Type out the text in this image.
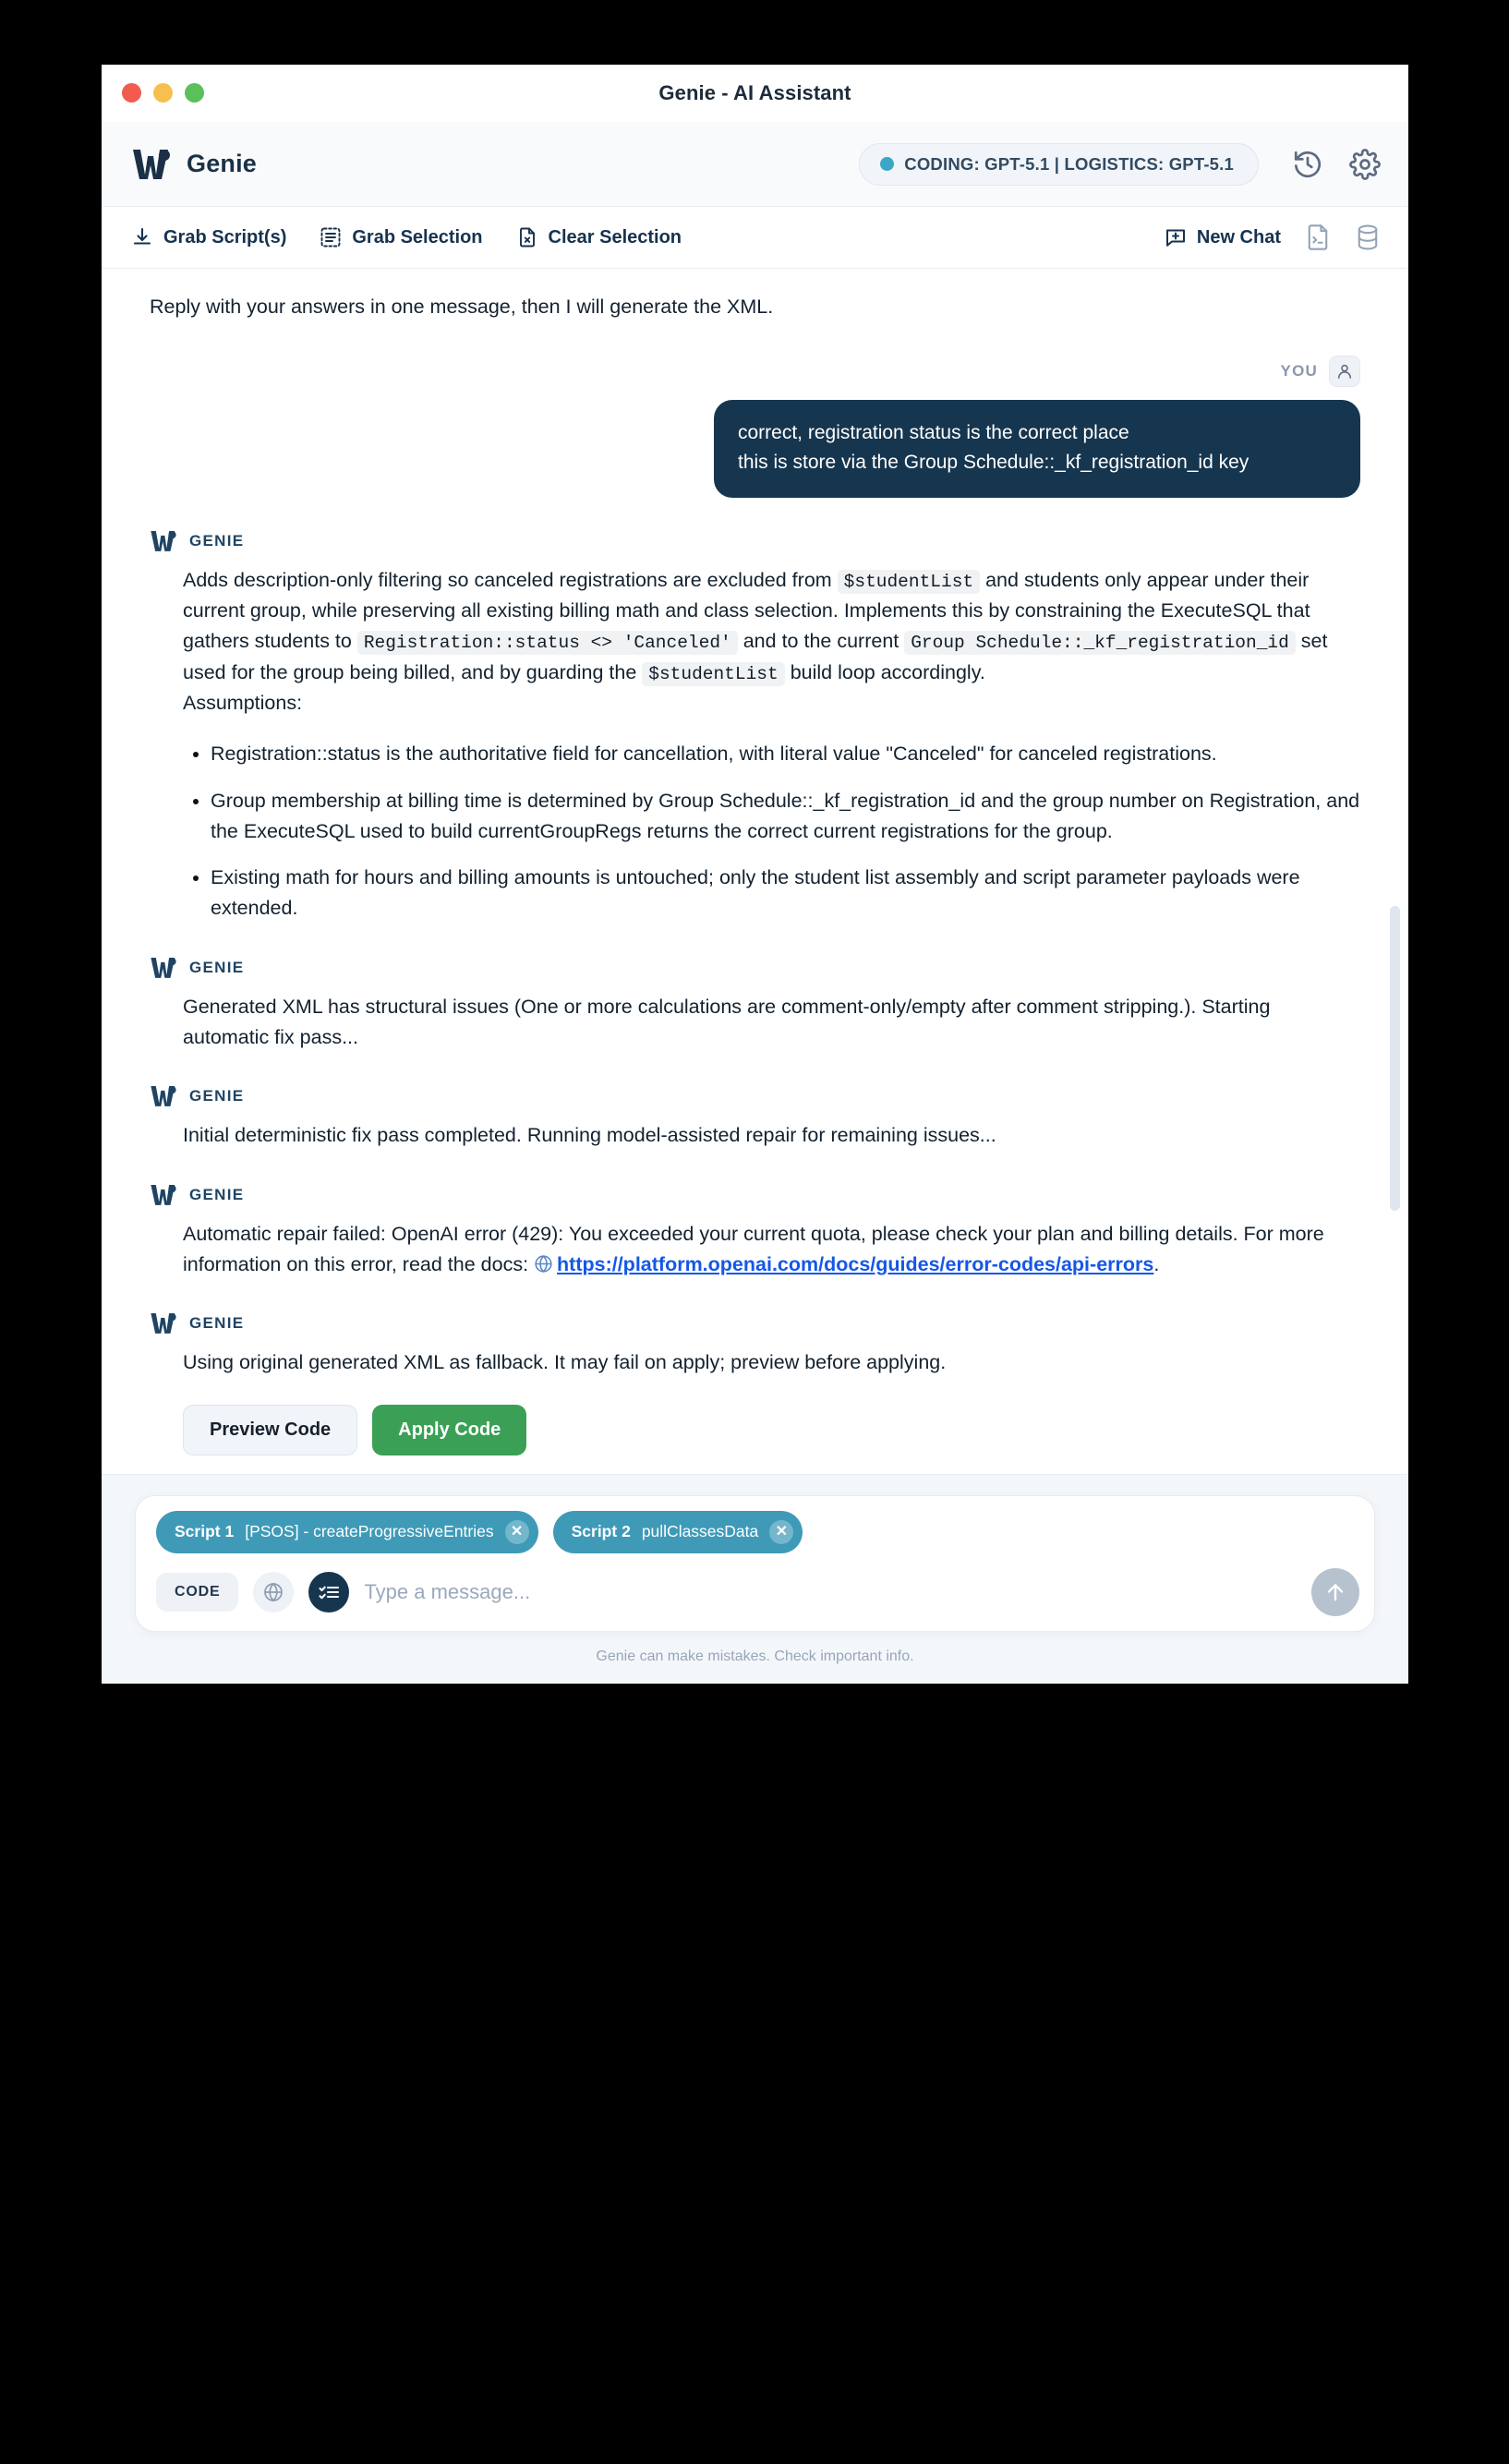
Genie - AI Assistant
Genie	CODING: GPT-5.1 | LOGISTICS: GPT-5.1
Grab Script(s)	Grab Selection	Clear Selection	New Chat
Reply with your answers in one message, then I will generate the XML.
YOU
correct, registration status is the correct place
this is store via the Group Schedule::_kf_registration_id key
GENIE

Adds description-only filtering so canceled registrations are excluded from $studentList and students only appear under their current group, while preserving all existing billing math and class selection. Implements this by constraining the ExecuteSQL that gathers students to Registration::status <> 'Canceled' and to the current Group Schedule::_kf_registration_id set used for the group being billed, and by guarding the $studentList build loop accordingly.

Assumptions:
• Registration::status is the authoritative field for cancellation, with literal value "Canceled" for canceled registrations.
• Group membership at billing time is determined by Group Schedule::_kf_registration_id and the group number on Registration, and the ExecuteSQL used to build currentGroupRegs returns the correct current registrations for the group.
• Existing math for hours and billing amounts is untouched; only the student list assembly and script parameter payloads were extended.
GENIE
Generated XML has structural issues (One or more calculations are comment-only/empty after comment stripping.). Starting automatic fix pass...
GENIE
Initial deterministic fix pass completed. Running model-assisted repair for remaining issues...
GENIE
Automatic repair failed: OpenAI error (429): You exceeded your current quota, please check your plan and billing details. For more information on this error, read the docs:
https://platform.openai.com/docs/guides/error-codes/api-errors.
GENIE
Using original generated XML as fallback. It may fail on apply; preview before applying.
Preview Code	Apply Code
Script 1 [PSOS] - createProgressiveEntries	✕	Script 2 pullClassesData	✕
CODE
Type a message...
Genie can make mistakes. Check important info.
